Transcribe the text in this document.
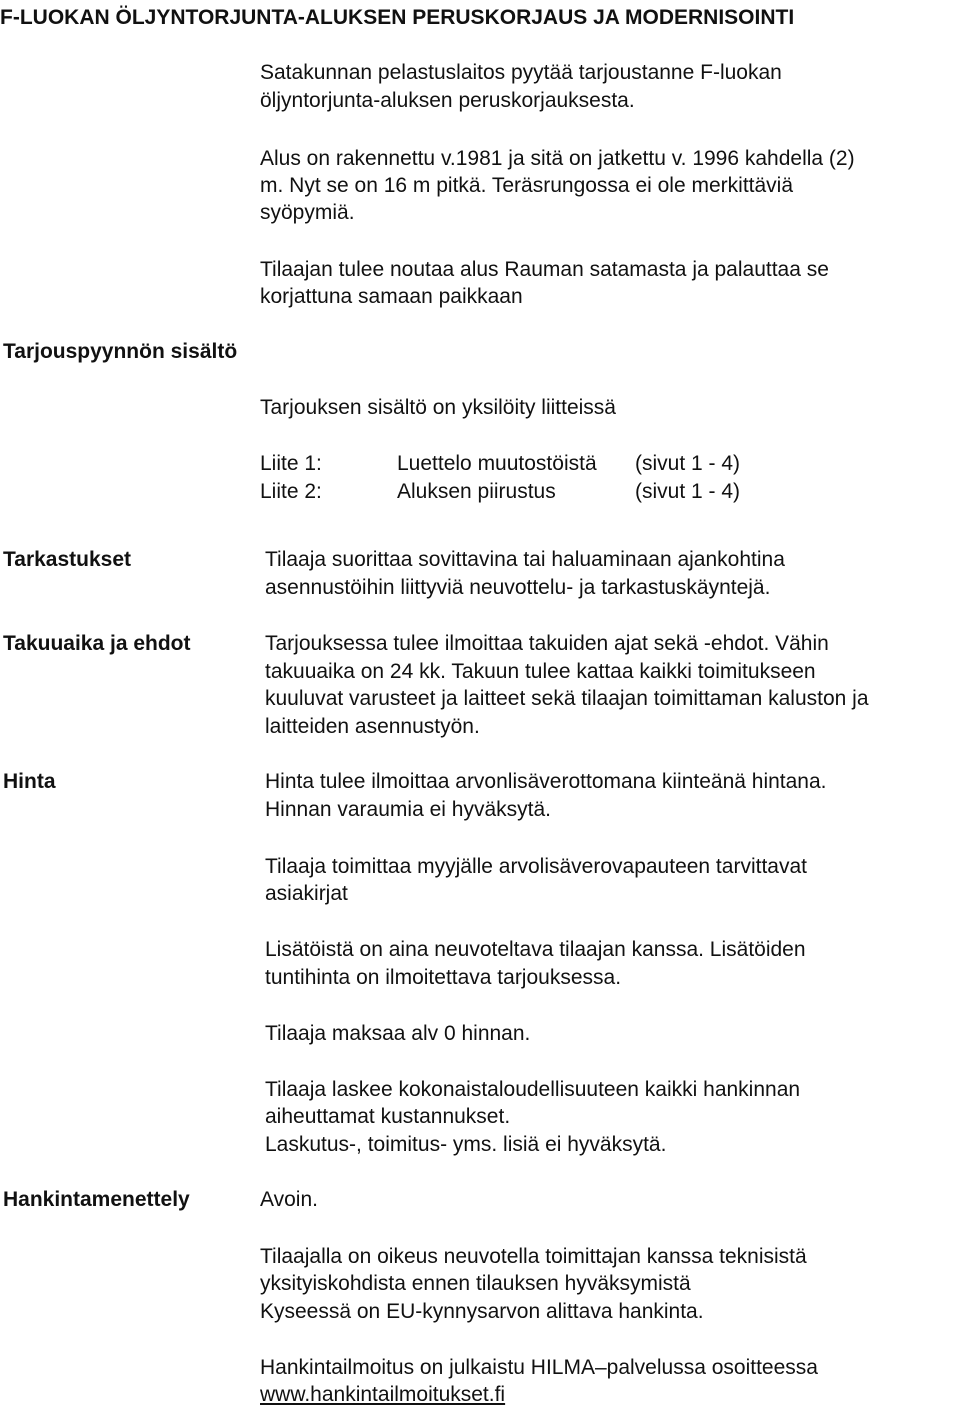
F-LUOKAN ÖLJYNTORJUNTA-ALUKSEN PERUSKORJAUS JA MODERNISOINTI
Satakunnan pelastuslaitos pyytää tarjoustanne F-luokan
öljyntorjunta-aluksen peruskorjauksesta.
Alus on rakennettu v.1981 ja sitä on jatkettu v. 1996 kahdella (2)
m. Nyt se on 16 m pitkä. Teräsrungossa ei ole merkittäviä
syöpymiä.
Tilaajan tulee noutaa alus Rauman satamasta ja palauttaa se
korjattuna samaan paikkaan
Tarjouspyynnön sisältö
Tarjouksen sisältö on yksilöity liitteissä
Liite 1:	Luettelo muutostöistä (sivut 1 - 4)
Liite 2:	Aluksen piirustus	(sivut 1 - 4)
Tarkastukset	Tilaaja suorittaa sovittavina tai haluaminaan ajankohtina
asennustöihin liittyviä neuvottelu- ja tarkastuskäyntejä.
Takuuaika ja ehdot	Tarjouksessa tulee ilmoittaa takuiden ajat sekä -ehdot. Vähin
takuuaika on 24 kk. Takuun tulee kattaa kaikki toimitukseen
kuuluvat varusteet ja laitteet sekä tilaajan toimittaman kaluston ja
laitteiden asennustyön.
Hinta	Hinta tulee ilmoittaa arvonlisäverottomana kiinteänä hintana.
Hinnan varaumia ei hyväksytä.
Tilaaja toimittaa myyjälle arvolisäverovapauteen tarvittavat
asiakirjat
Lisätöistä on aina neuvoteltava tilaajan kanssa. Lisätöiden
tuntihinta on ilmoitettava tarjouksessa.
Tilaaja maksaa alv 0 hinnan.
Tilaaja laskee kokonaistaloudellisuuteen kaikki hankinnan
aiheuttamat kustannukset.
Laskutus-, toimitus- yms. lisiä ei hyväksytä.
Hankintamenettely	Avoin.
Tilaajalla on oikeus neuvotella toimittajan kanssa teknisistä
yksityiskohdista ennen tilauksen hyväksymistä
Kyseessä on EU-kynnysarvon alittava hankinta.
Hankintailmoitus on julkaistu HILMA–palvelussa osoitteessa
www.hankintailmoitukset.fi
